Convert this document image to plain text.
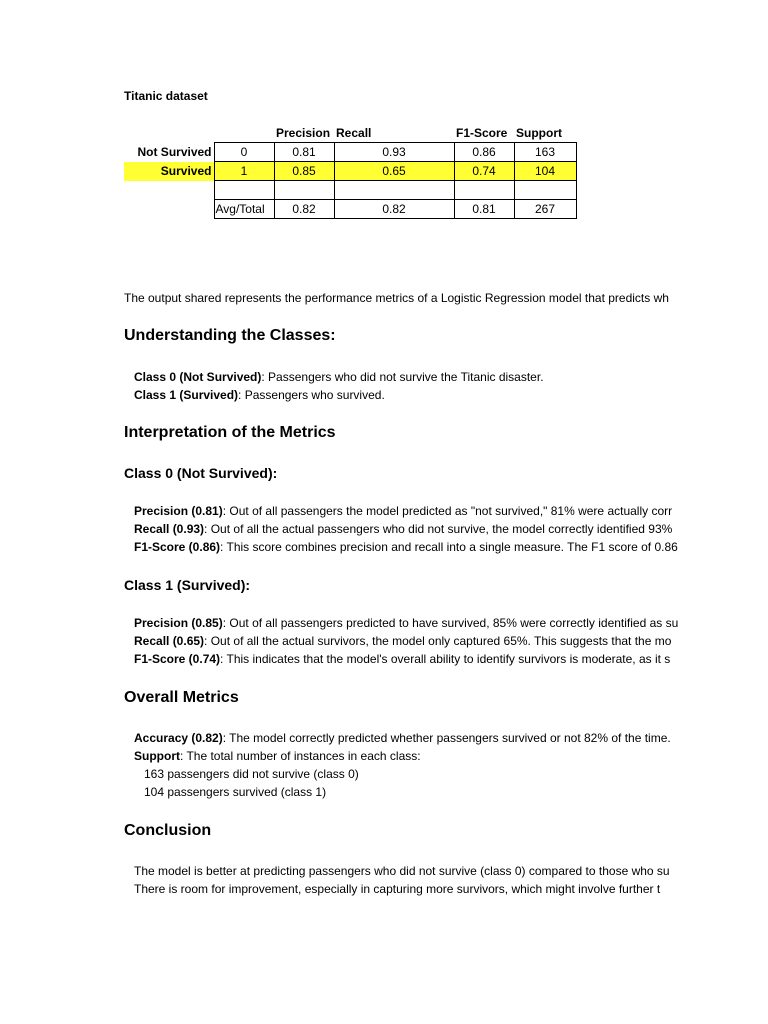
Titanic dataset
		Precision	Recall		F1-Score	Support
Not Survived	0	0.81	0.93		0.86	163
Survived	1	0.85	0.65		0.74	104

	Avg/Total	0.82	0.82		0.81	267
The output shared represents the performance metrics of a Logistic Regression model that predicts wh
Understanding the Classes:
Class 0 (Not Survived): Passengers who did not survive the Titanic disaster.
Class 1 (Survived): Passengers who survived.
Interpretation of the Metrics
Class 0 (Not Survived):
Precision (0.81): Out of all passengers the model predicted as "not survived," 81% were actually corr
Recall (0.93): Out of all the actual passengers who did not survive, the model correctly identified 93%
F1-Score (0.86): This score combines precision and recall into a single measure. The F1 score of 0.86
Class 1 (Survived):
Precision (0.85): Out of all passengers predicted to have survived, 85% were correctly identified as su
Recall (0.65): Out of all the actual survivors, the model only captured 65%. This suggests that the mo
F1-Score (0.74): This indicates that the model's overall ability to identify survivors is moderate, as it s
Overall Metrics
Accuracy (0.82): The model correctly predicted whether passengers survived or not 82% of the time.
Support: The total number of instances in each class:
163 passengers did not survive (class 0)
104 passengers survived (class 1)
Conclusion
The model is better at predicting passengers who did not survive (class 0) compared to those who su
There is room for improvement, especially in capturing more survivors, which might involve further t
